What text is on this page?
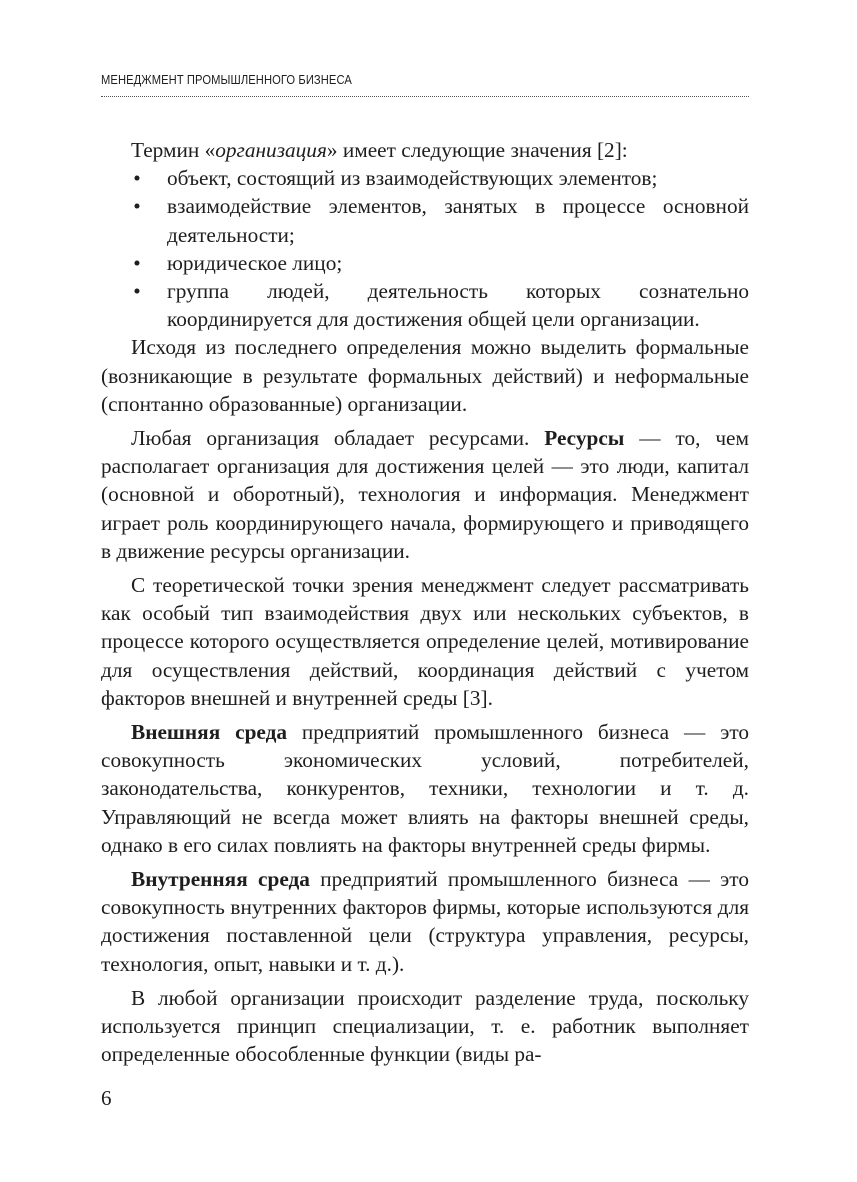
МЕНЕДЖМЕНТ ПРОМЫШЛЕННОГО БИЗНЕСА

Термин «организация» имеет следующие значения [2]:

• объект, состоящий из взаимодействующих элементов;
• взаимодействие элементов, занятых в процессе основной деятельности;
• юридическое лицо;
• группа людей, деятельность которых сознательно координируется для достижения общей цели организации.

Исходя из последнего определения можно выделить формальные (возникающие в результате формальных действий) и неформальные (спонтанно образованные) организации.

Любая организация обладает ресурсами. Ресурсы — то, чем располагает организация для достижения целей — это люди, капитал (основной и оборотный), технология и информация. Менеджмент играет роль координирующего начала, формирующего и приводящего в движение ресурсы организации.

С теоретической точки зрения менеджмент следует рассматривать как особый тип взаимодействия двух или нескольких субъектов, в процессе которого осуществляется определение целей, мотивирование для осуществления действий, координация действий с учетом факторов внешней и внутренней среды [3].

Внешняя среда предприятий промышленного бизнеса — это совокупность экономических условий, потребителей, законодательства, конкурентов, техники, технологии и т. д. Управляющий не всегда может влиять на факторы внешней среды, однако в его силах повлиять на факторы внутренней среды фирмы.

Внутренняя среда предприятий промышленного бизнеса — это совокупность внутренних факторов фирмы, которые используются для достижения поставленной цели (структура управления, ресурсы, технология, опыт, навыки и т. д.).

В любой организации происходит разделение труда, поскольку используется принцип специализации, т. е. работник выполняет определенные обособленные функции (виды ра-

6
